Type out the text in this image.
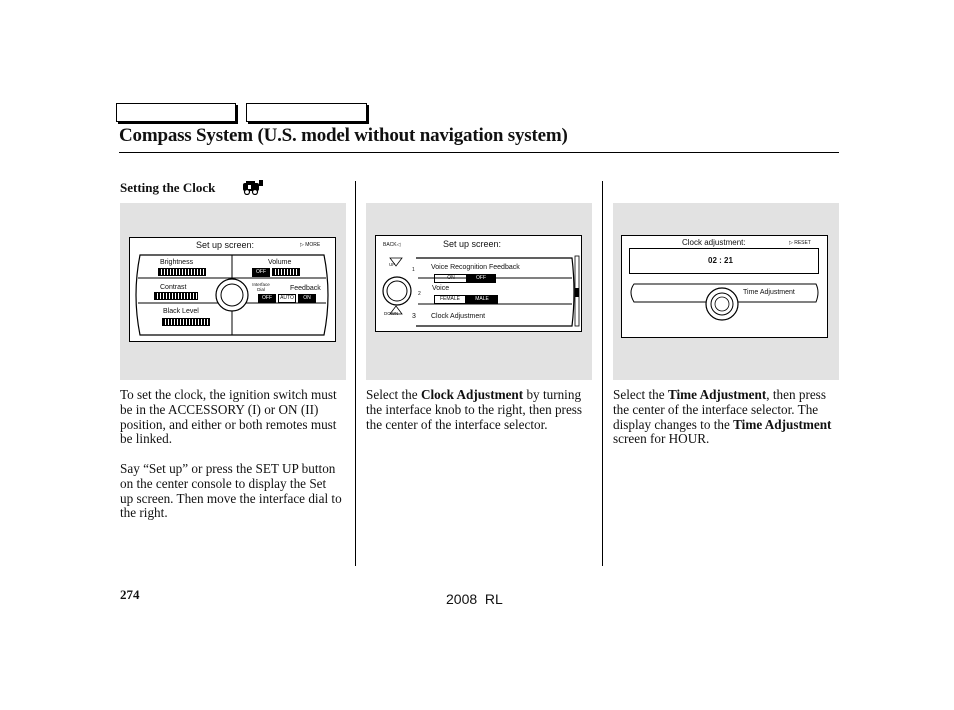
Compass System (U.S. model without navigation system)
Setting the Clock
Set up screen:	▷ MORE
Brightness	Volume
OFF
Contrast	Interface Dial	Feedback
OFF	AUTO	ON
Black Level
BACK◁	Set up screen:
UP
DOWN
1
2
3
Voice Recognition Feedback
ON	OFF
Voice
FEMALE	MALE
Clock Adjustment
Clock adjustment:	▷ RESET
02 : 21
Time Adjustment
To set the clock, the ignition switch must be in the ACCESSORY (I) or ON (II) position, and either or both remotes must be linked.
Say “Set up” or press the SET UP button on the center console to display the Set up screen. Then move the interface dial to the right.
Select the Clock Adjustment by turning the interface knob to the right, then press the center of the interface selector.
Select the Time Adjustment, then press the center of the interface selector. The display changes to the Time Adjustment screen for HOUR.
274	2008  RL
